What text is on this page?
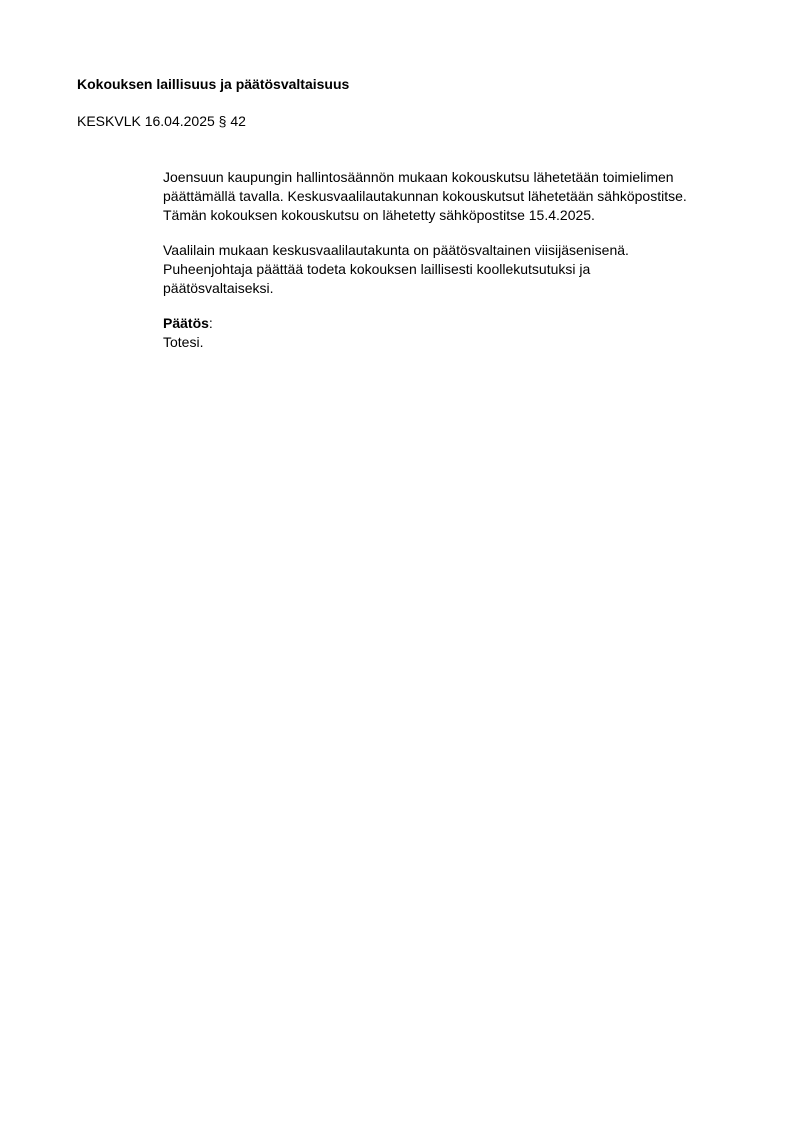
Kokouksen laillisuus ja päätösvaltaisuus
KESKVLK 16.04.2025 § 42

Joensuun kaupungin hallintosäännön mukaan kokouskutsu lähetetään toimielimen
päättämällä tavalla. Keskusvaalilautakunnan kokouskutsut lähetetään sähköpostitse.
Tämän kokouksen kokouskutsu on lähetetty sähköpostitse 15.4.2025.

Vaalilain mukaan keskusvaalilautakunta on päätösvaltainen viisijäsenisenä.
Puheenjohtaja päättää todeta kokouksen laillisesti koollekutsutuksi ja
päätösvaltaiseksi.

Päätös:
Totesi.
